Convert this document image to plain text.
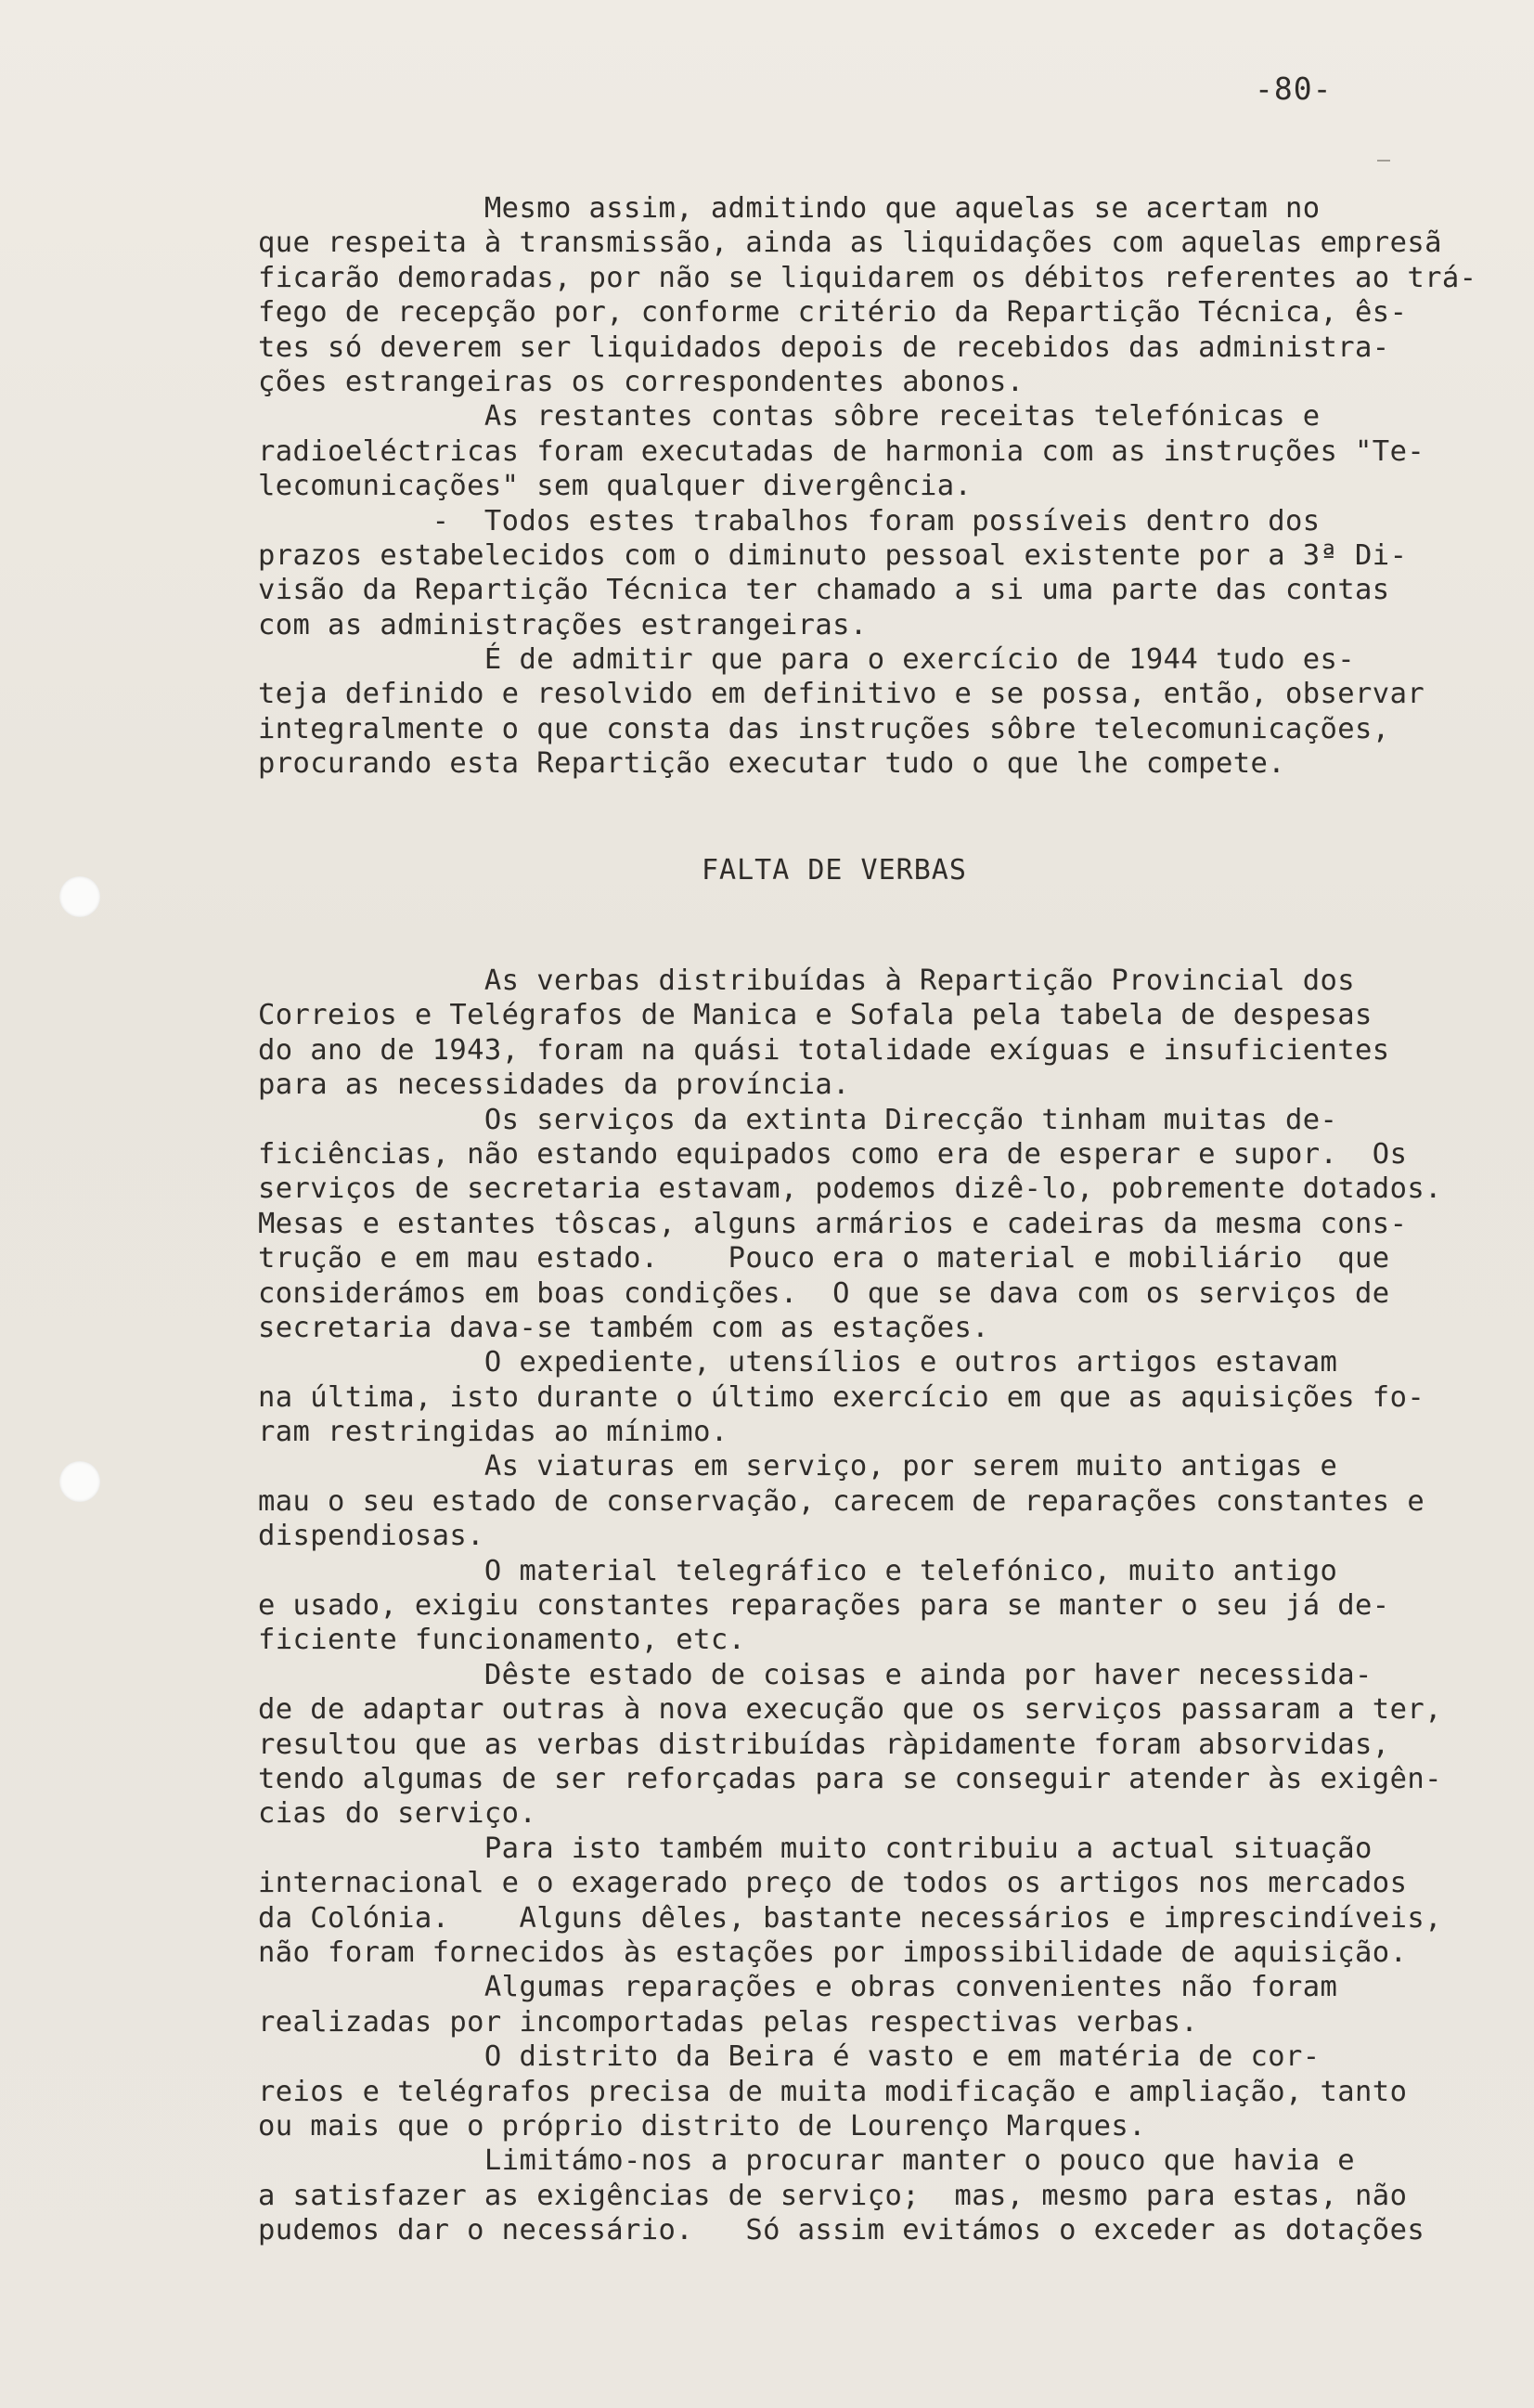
-80-
Mesmo assim, admitindo que aquelas se acertam no
que respeita à transmissão, ainda as liquidações com aquelas empresã
ficarão demoradas, por não se liquidarem os débitos referentes ao trá-
fego de recepção por, conforme critério da Repartição Técnica, ês-
tes só deverem ser liquidados depois de recebidos das administra-
ções estrangeiras os correspondentes abonos.
As restantes contas sôbre receitas telefónicas e
radioeléctricas foram executadas de harmonia com as instruções "Te-
lecomunicações" sem qualquer divergência.
-  Todos estes trabalhos foram possíveis dentro dos
prazos estabelecidos com o diminuto pessoal existente por a 3ª Di-
visão da Repartição Técnica ter chamado a si uma parte das contas
com as administrações estrangeiras.
É de admitir que para o exercício de 1944 tudo es-
teja definido e resolvido em definitivo e se possa, então, observar
integralmente o que consta das instruções sôbre telecomunicações,
procurando esta Repartição executar tudo o que lhe compete.
FALTA DE VERBAS
As verbas distribuídas à Repartição Provincial dos
Correios e Telégrafos de Manica e Sofala pela tabela de despesas
do ano de 1943, foram na quási totalidade exíguas e insuficientes
para as necessidades da província.
Os serviços da extinta Direcção tinham muitas de-
ficiências, não estando equipados como era de esperar e supor.  Os
serviços de secretaria estavam, podemos dizê-lo, pobremente dotados.
Mesas e estantes tôscas, alguns armários e cadeiras da mesma cons-
trução e em mau estado.    Pouco era o material e mobiliário  que
considerámos em boas condições.  O que se dava com os serviços de
secretaria dava-se também com as estações.
O expediente, utensílios e outros artigos estavam
na última, isto durante o último exercício em que as aquisições fo-
ram restringidas ao mínimo.
As viaturas em serviço, por serem muito antigas e
mau o seu estado de conservação, carecem de reparações constantes e
dispendiosas.
O material telegráfico e telefónico, muito antigo
e usado, exigiu constantes reparações para se manter o seu já de-
ficiente funcionamento, etc.
Dêste estado de coisas e ainda por haver necessida-
de de adaptar outras à nova execução que os serviços passaram a ter,
resultou que as verbas distribuídas ràpidamente foram absorvidas,
tendo algumas de ser reforçadas para se conseguir atender às exigên-
cias do serviço.
Para isto também muito contribuiu a actual situação
internacional e o exagerado preço de todos os artigos nos mercados
da Colónia.    Alguns dêles, bastante necessários e imprescindíveis,
não foram fornecidos às estações por impossibilidade de aquisição.
Algumas reparações e obras convenientes não foram
realizadas por incomportadas pelas respectivas verbas.
O distrito da Beira é vasto e em matéria de cor-
reios e telégrafos precisa de muita modificação e ampliação, tanto
ou mais que o próprio distrito de Lourenço Marques.
Limitámo-nos a procurar manter o pouco que havia e
a satisfazer as exigências de serviço;  mas, mesmo para estas, não
pudemos dar o necessário.   Só assim evitámos o exceder as dotações
